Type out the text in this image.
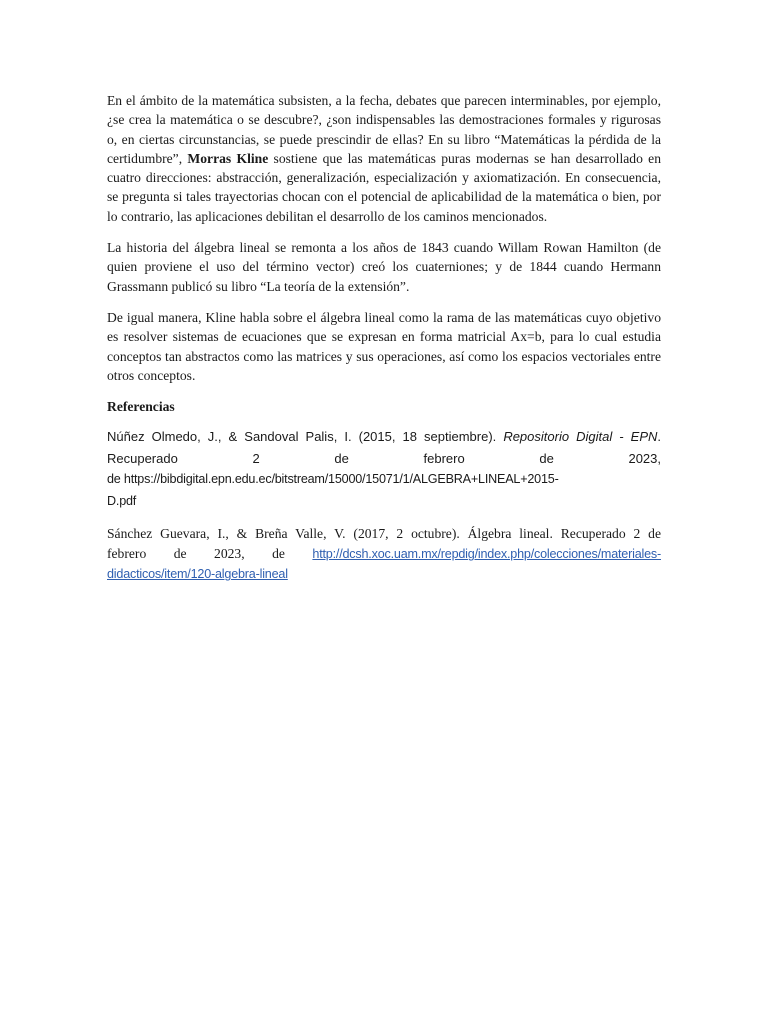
En el ámbito de la matemática subsisten, a la fecha, debates que parecen interminables, por ejemplo, ¿se crea la matemática o se descubre?, ¿son indispensables las demostraciones formales y rigurosas o, en ciertas circunstancias, se puede prescindir de ellas? En su libro “Matemáticas la pérdida de la certidumbre”, Morras Kline sostiene que las matemáticas puras modernas se han desarrollado en cuatro direcciones: abstracción, generalización, especialización y axiomatización. En consecuencia, se pregunta si tales trayectorias chocan con el potencial de aplicabilidad de la matemática o bien, por lo contrario, las aplicaciones debilitan el desarrollo de los caminos mencionados.

La historia del álgebra lineal se remonta a los años de 1843 cuando Willam Rowan Hamilton (de quien proviene el uso del término vector) creó los cuaterniones; y de 1844 cuando Hermann Grassmann publicó su libro “La teoría de la extensión”.

De igual manera, Kline habla sobre el álgebra lineal como la rama de las matemáticas cuyo objetivo es resolver sistemas de ecuaciones que se expresan en forma matricial Ax=b, para lo cual estudia conceptos tan abstractos como las matrices y sus operaciones, así como los espacios vectoriales entre otros conceptos.

Referencias

Núñez Olmedo, J., & Sandoval Palis, I. (2015, 18 septiembre). Repositorio Digital - EPN.
Recuperado 2 de febrero de 2023,
de https://bibdigital.epn.edu.ec/bitstream/15000/15071/1/ALGEBRA+LINEAL+2015-
D.pdf
Sánchez Guevara, I., & Breña Valle, V. (2017, 2 octubre). Álgebra lineal. Recuperado 2 de
febrero de 2023, de http://dcsh.xoc.uam.mx/repdig/index.php/colecciones/materiales-
didacticos/item/120-algebra-lineal
